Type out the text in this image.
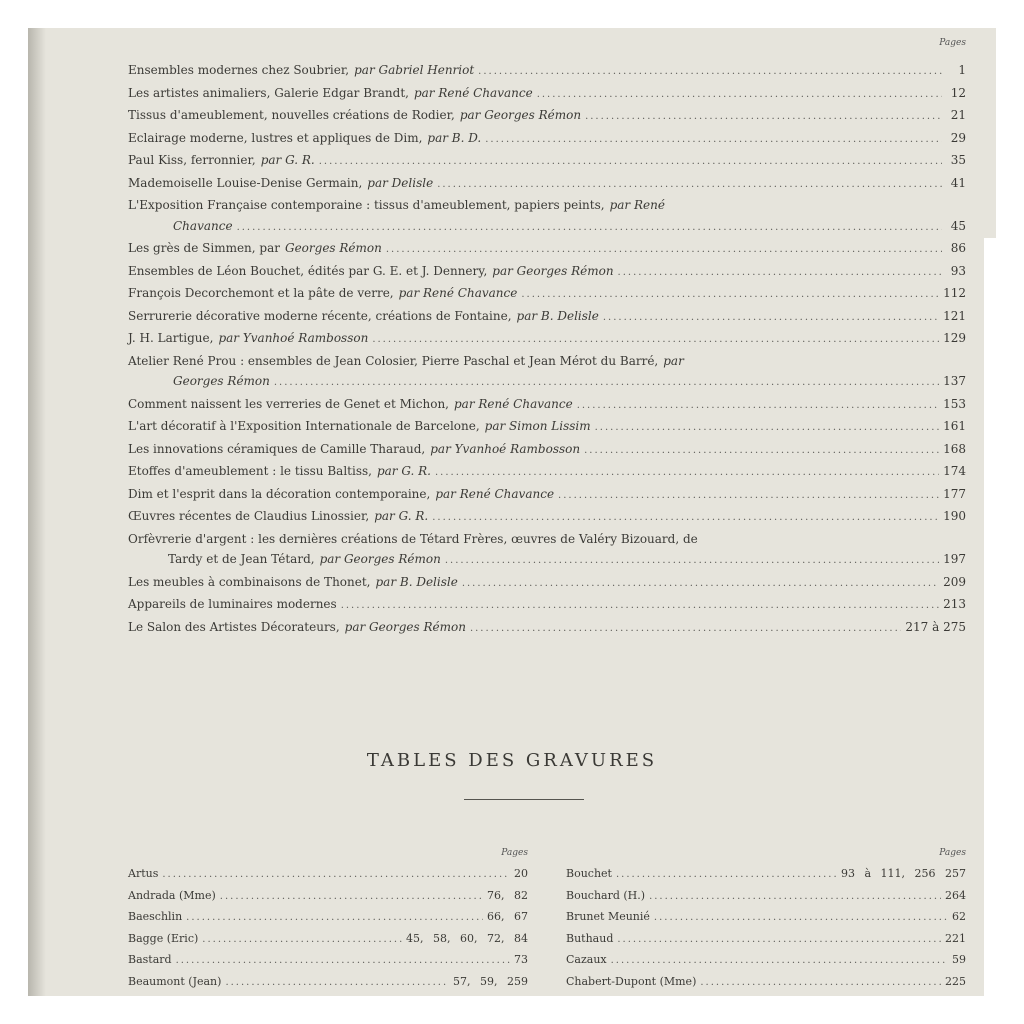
Pages
Ensembles modernes chez Soubrier, par Gabriel Henriot .....	1
Les artistes animaliers, Galerie Edgar Brandt, par René Chavance .....	12
Tissus d'ameublement, nouvelles créations de Rodier, par Georges Rémon .....	21
Eclairage moderne, lustres et appliques de Dim, par B. D. .....	29
Paul Kiss, ferronnier, par G. R. .....	35
Mademoiselle Louise-Denise Germain, par Delisle .....	41
L'Exposition Française contemporaine : tissus d'ameublement, papiers peints, par René
Chavance .....	45
Les grès de Simmen, par Georges Rémon .....	86
Ensembles de Léon Bouchet, édités par G. E. et J. Dennery, par Georges Rémon .....	93
François Decorchemont et la pâte de verre, par René Chavance .....	112
Serrurerie décorative moderne récente, créations de Fontaine, par B. Delisle .....	121
J. H. Lartigue, par Yvanhoé Rambosson .....	129
Atelier René Prou : ensembles de Jean Colosier, Pierre Paschal et Jean Mérot du Barré, par
Georges Rémon .....	137
Comment naissent les verreries de Genet et Michon, par René Chavance .....	153
L'art décoratif à l'Exposition Internationale de Barcelone, par Simon Lissim .....	161
Les innovations céramiques de Camille Tharaud, par Yvanhoé Rambosson .....	168
Etoffes d'ameublement : le tissu Baltiss, par G. R. .....	174
Dim et l'esprit dans la décoration contemporaine, par René Chavance .....	177
Œuvres récentes de Claudius Linossier, par G. R. .....	190
Orfèvrerie d'argent : les dernières créations de Tétard Frères, œuvres de Valéry Bizouard, de
Tardy et de Jean Tétard, par Georges Rémon .....	197
Les meubles à combinaisons de Thonet, par B. Delisle .....	209
Appareils de luminaires modernes .....	213
Le Salon des Artistes Décorateurs, par Georges Rémon .....	217 à 275
TABLES DES GRAVURES
Pages
Artus .....	20
Andrada (Mme) .....	76, 82
Baeschlin .....	66, 67
Bagge (Eric) .....	45, 58, 60, 72, 84
Bastard .....	73
Beaumont (Jean) .....	57, 59, 259
Pages
Bouchet .....	93 à 111, 256 257
Bouchard (H.) .....	264
Brunet Meunié .....	62
Buthaud .....	221
Cazaux .....	59
Chabert-Dupont (Mme) .....	225
